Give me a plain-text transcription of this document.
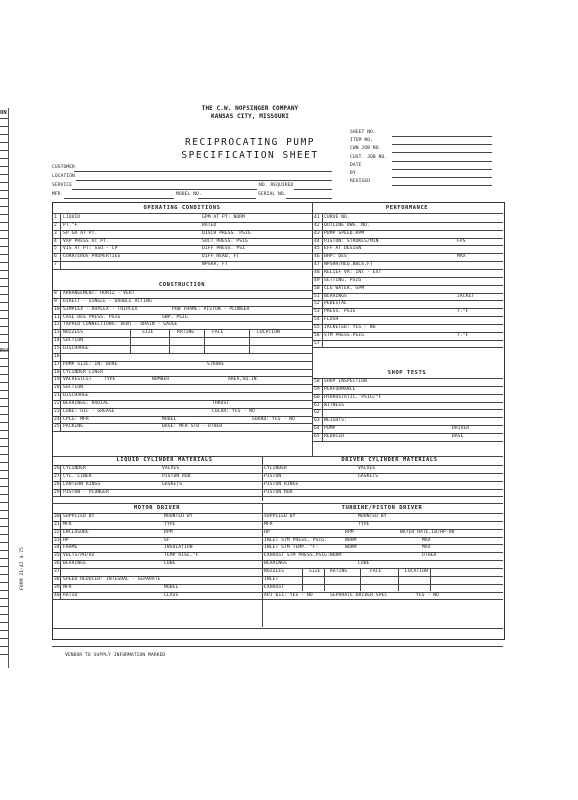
ON
ESS
THE C.W. NOFSINGER COMPANY
KANSAS CITY, MISSOURI
RECIPROCATING PUMP
SPECIFICATION SHEET
SHEET NO.
ITEM NO.
CWN JOB NO.
CUST. JOB NO.
DATE
BY
REVISED
CUSTOMER
LOCATION
SERVICE	NO. REQUIRED
MFR	MODEL NO.	SERIAL NO.
OPERATING CONDITIONS	PERFORMANCE
CONSTRUCTION
SHOP TESTS
LIQUID CYLINDER MATERIALS	DRIVER CYLINDER MATERIALS
MOTOR DRIVER	TURBINE/PISTON DRIVER
1 LIQUID	GPM AT PT: NORM
2 PT.°F	RATED
3 SP GR AT PT.	DISCH PRESS. PSIG
4 VAP PRESS AT PT.	SUCT PRESS. PSIG
5 VIS AT PT: SSU - CP	DIFF PRESS. PSI
6 CORR/EROS PROPERTIES	DIFF HEAD. FT
7	NPSHA, FT
41 CURVE NO.
42 OUTLINE DWG. NO.
43 PUMP SPEED.RPM
44 PISTON: STROKES/MIN	FPS
45 EFF AT DESIGN
46 BHP: DES	MAX
47 NPSHR/REQ.BBLS.FT
48 RELIEF VA: INT - EXT
49 SETTING, PSIG
50 CLG WATER, GPM
51 BEARINGS	JACKET
52 PEDESTAL
53 PRESS. PSIG	T.°F
54 FLUSH
55 JACKETED: YES - NO
56 STM PRESS.PSIG	T.°F
57
8 ARRANGEMENT: HORIZ - VERT
9 DIRECT - SINGLE - DOUBLE ACTING
10 SIMPLEX - DUPLEX - TRIPLEX	POW FRAME: PISTON - PLUNGER
11 CASE DES PRESS. PSIG	SWP. PSIG
12 TAPPED CONNECTIONS: VENT - DRAIN - GAUGE
13 NOZZLES	SIZE	RATING	FACE	LOCATION
14 SUCTION
15 DISCHARGE
16
17 PUMP SIZE: IN: BORE	STROKE
18 CYLINDER LINER
19 VALVES(LS)	TYPE	NUMBER	AREA,SQ.IN.
20 SUCTION
21 DISCHARGE
22 BEARINGS: RADIAL	THRUST
23 LUBE: OIL - GREASE	COLOR: YES - NO
24 CPLG: MFR	MODEL	GUARD: YES - NO
25 PACKING	BASE: MFR STD - OTHER
58 SHOP INSPECTION
59 PERFORMANCE
60 HYDROSTATIC, PSIG/°F
61 WITNESS
62
63 WEIGHTS:
64 PUMP	DRIVER
65 REDUCER	BASE
26 CYLINDER	VALVES
27 CYL. LINER	PISTON ROD
28 LANTERN RINGS	GASKETS
29 PISTON - PLUNGER
CYLINDER	VALVES
PISTON	GASKETS
PISTON RINGS
PISTON ROD
30 SUPPLIED BY	MOUNTED BY
31 MFR	TYPE
32 ENCLOSURE	RPM
33 HP	SF
34 FRAME	INSULATION
35 VOLTS/PH/HZ	TEMP RISE,°F
36 BEARINGS	LUBE
37
38 SPEED REDUCER: INTEGRAL - SEPARATE
39 MFR	MODEL
40 RATIO	CLASS
SUPPLIED BY	MOUNTED BY
MFR	TYPE
HP	RPM	WATER RATE,LB/HP-HR
INLET STM PRESS, PSIG:	NORM	MAX
INLET STM TEMP. °F:	NORM	MAX
EXHAUST STM PRESS,PSIG:NORM	OTHER
BEARINGS	LUBE
NOZZLES	SIZE RATING	FACE	LOCATION
INLET
EXHAUST
API 611: YES - NO	SEPARATE DRIVER SPEC	YES - NO
FORM 21-42 4-75
VENDOR TO SUPPLY INFORMATION MARKED
